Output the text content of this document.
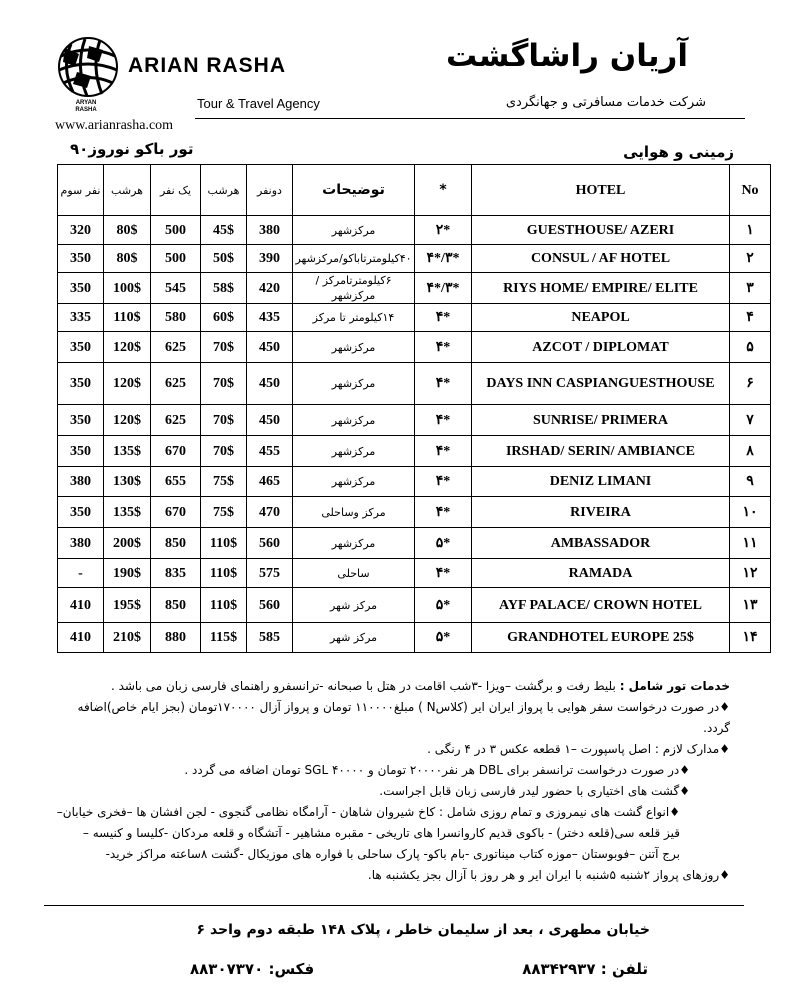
ARIAN RASHA
ARYAN RASHA	Tour & Travel Agency
www.arianrasha.com
آریان راشاگشت
شرکت خدمات مسافرتی و جهانگردی
تور باکو نوروز۹۰	زمینی و هوایی
نفر سوم	هرشب	یک نفر	هرشب	دونفر	توضیحات	*	HOTEL	No
320	80$	500	45$	380	مرکزشهر	۲*	GUESTHOUSE/ AZERI	۱
350	80$	500	50$	390	۴۰کیلومترتاباکو/مرکزشهر	۴*/۳*	CONSUL / AF HOTEL	۲
350	100$	545	58$	420	۶کیلومترتامرکز / مرکزشهر	۴*/۳*	RIYS HOME/ EMPIRE/ ELITE	۳
335	110$	580	60$	435	۱۴کیلومتر تا مرکز	۴*	NEAPOL	۴
350	120$	625	70$	450	مرکزشهر	۴*	AZCOT / DIPLOMAT	۵
350	120$	625	70$	450	مرکزشهر	۴*	DAYS INN CASPIANGUESTHOUSE	۶
350	120$	625	70$	450	مرکزشهر	۴*	SUNRISE/ PRIMERA	۷
350	135$	670	70$	455	مرکزشهر	۴*	IRSHAD/ SERIN/ AMBIANCE	۸
380	130$	655	75$	465	مرکزشهر	۴*	DENIZ LIMANI	۹
350	135$	670	75$	470	مرکز وساحلی	۴*	RIVEIRA	۱۰
380	200$	850	110$	560	مرکزشهر	۵*	AMBASSADOR	۱۱
-	190$	835	110$	575	ساحلی	۴*	RAMADA	۱۲
410	195$	850	110$	560	مرکز شهر	۵*	AYF PALACE/ CROWN HOTEL	۱۳
410	210$	880	115$	585	مرکز شهر	۵*	GRANDHOTEL EUROPE 25$	۱۴

خدمات تور شامل : بلیط رفت و برگشت –ویزا -۳شب اقامت در هتل با صبحانه -ترانسفرو راهنمای فارسی زبان می باشد .

♦در صورت درخواست سفر هوایی با پرواز ایران ایر (کلاسN ) مبلغ۱۱۰۰۰۰ تومان و پرواز آزال ۱۷۰۰۰۰تومان (بجز ایام خاص)اضافه گردد.

♦مدارک لازم : اصل پاسپورت –۱ قطعه عکس ۳ در ۴ رنگی .

♦در صورت درخواست ترانسفر برای DBL هر نفر۲۰۰۰۰ تومان و SGL ۴۰۰۰۰ تومان اضافه می گردد .

♦گشت های اختیاری با حضور لیدر فارسی زبان قابل اجراست.

♦انواع گشت های نیمروزی و تمام روزی شامل : کاخ شیروان شاهان - آرامگاه نظامی گنجوی - لجن افشان ها –فخری خیابان–

قیز قلعه سی(قلعه دختر) - باکوی قدیم کاروانسرا های تاریخی - مقبره مشاهیر - آتشگاه و قلعه مردکان -کلیسا و کنیسه –

برج آتنن –فوبوستان –موزه کتاب میناتوری -بام باکو- پارک ساحلی با فواره های موزیکال -گشت ۸ساعته مراکز خرید-

♦روزهای پرواز ۲شنبه ۵شنبه با ایران ایر و هر روز با آزال بجز یکشنبه ها.

خیابان مطهری ، بعد از سلیمان خاطر ، پلاک ۱۴۸ طبقه دوم واحد ۶
تلفن : ۸۸۳۴۲۹۳۷
فکس: ۸۸۳۰۷۳۷۰
